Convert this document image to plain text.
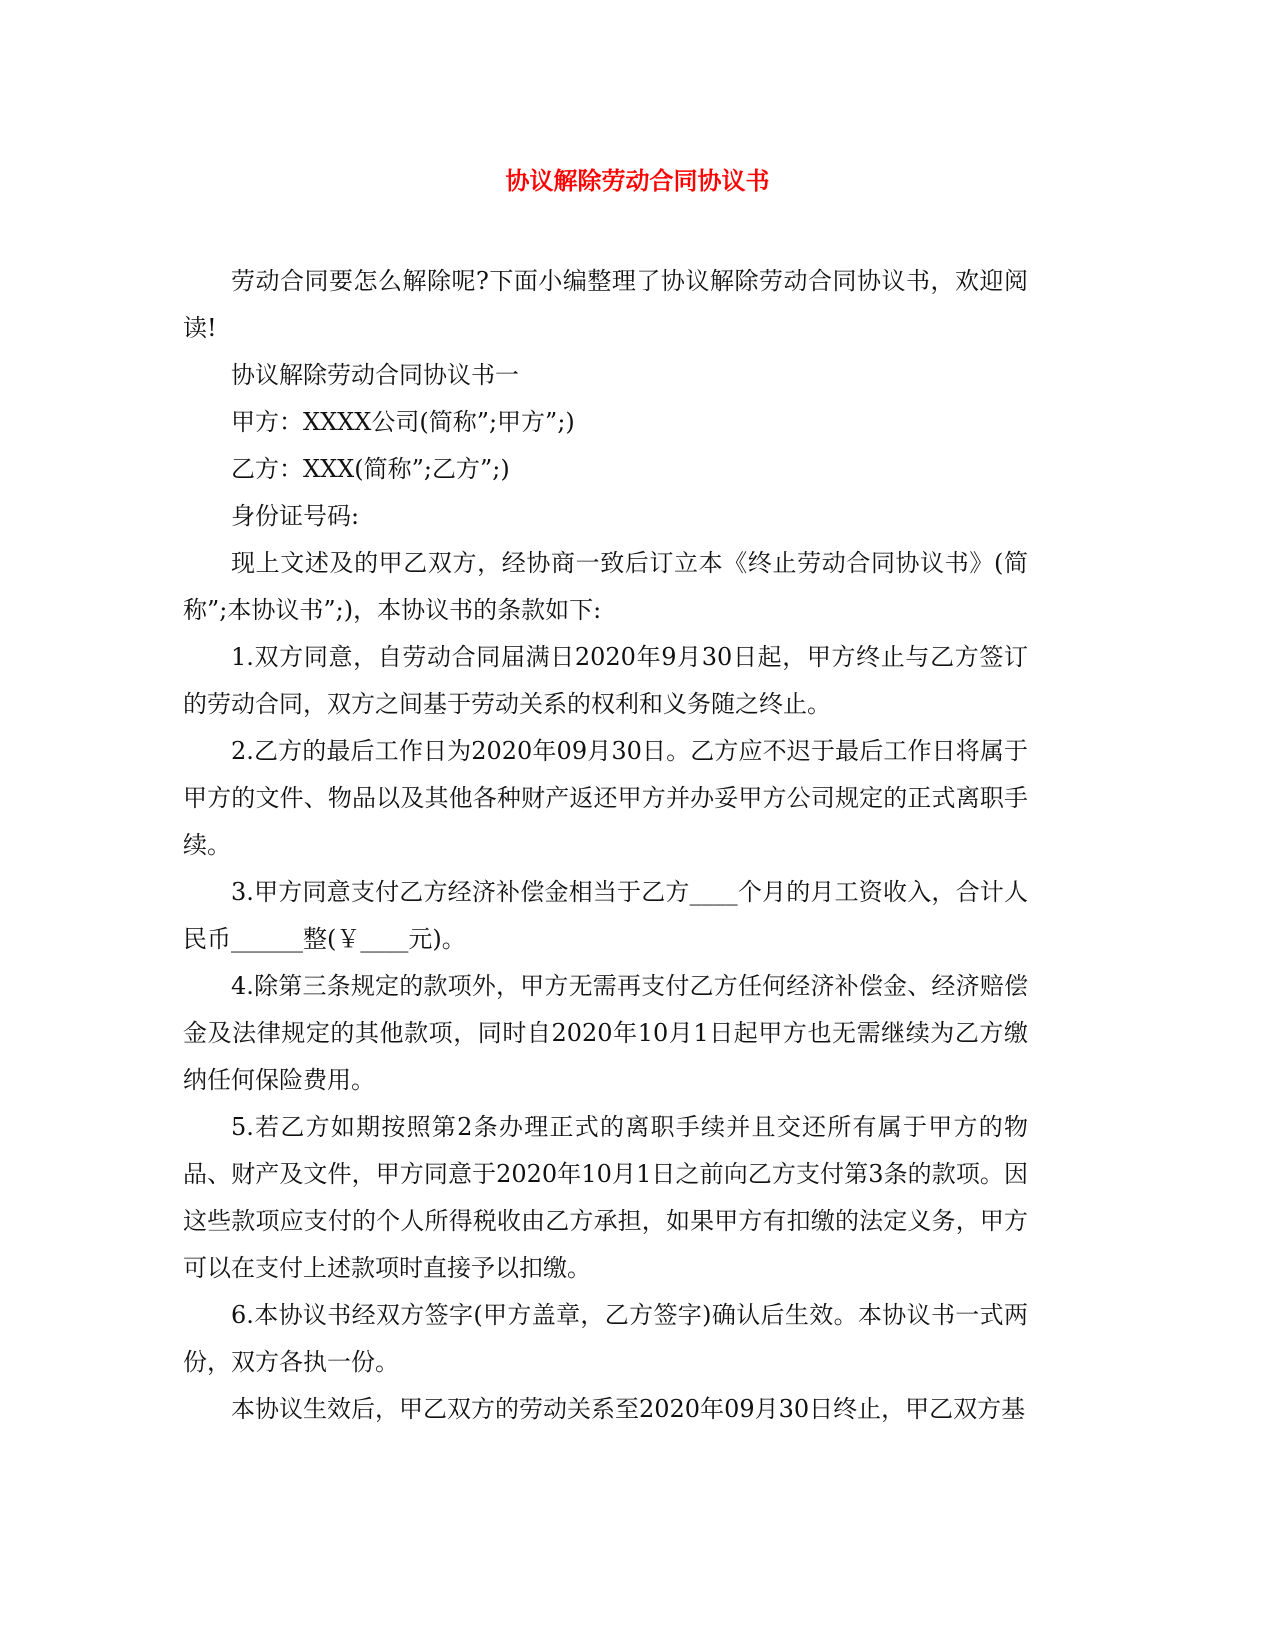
协议解除劳动合同协议书

劳动合同要怎么解除呢?下面小编整理了协议解除劳动合同协议书，欢迎阅读!

协议解除劳动合同协议书一

甲方：XXXX公司(简称”;甲方”;)

乙方：XXX(简称”;乙方”;)

身份证号码:

现上文述及的甲乙双方，经协商一致后订立本《终止劳动合同协议书》(简称”;本协议书”;)，本协议书的条款如下:

1.双方同意，自劳动合同届满日2020年9月30日起，甲方终止与乙方签订的劳动合同，双方之间基于劳动关系的权利和义务随之终止。

2.乙方的最后工作日为2020年09月30日。乙方应不迟于最后工作日将属于甲方的文件、物品以及其他各种财产返还甲方并办妥甲方公司规定的正式离职手续。

3.甲方同意支付乙方经济补偿金相当于乙方____个月的月工资收入，合计人民币______整(￥____元)。

4.除第三条规定的款项外，甲方无需再支付乙方任何经济补偿金、经济赔偿金及法律规定的其他款项，同时自2020年10月1日起甲方也无需继续为乙方缴纳任何保险费用。

5.若乙方如期按照第2条办理正式的离职手续并且交还所有属于甲方的物品、财产及文件，甲方同意于2020年10月1日之前向乙方支付第3条的款项。因这些款项应支付的个人所得税收由乙方承担，如果甲方有扣缴的法定义务，甲方可以在支付上述款项时直接予以扣缴。

6.本协议书经双方签字(甲方盖章，乙方签字)确认后生效。本协议书一式两份，双方各执一份。

本协议生效后，甲乙双方的劳动关系至2020年09月30日终止，甲乙双方基
